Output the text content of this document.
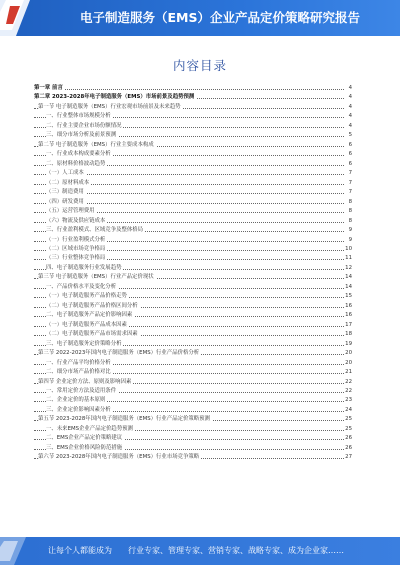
电子制造服务（EMS）企业产品定价策略研究报告
内容目录
第一章 前言	4
第二章 2023-2028年电子制造服务（EMS）市场前景及趋势预测	4
第一节 电子制造服务（EMS）行业宏观市场前景及未来趋势	4
一、行业整体市场规模分析	4
二、行业主要企业市场份额情况	4
三、细分市场分析及前景预测	5
第二节 电子制造服务（EMS）行业主要成本构成	6
一、行业成本构成要素分析	6
二、原材料价格波动趋势	6
（一）人工成本	7
（二）原材料成本	7
（三）制造费用	7
（四）研发费用	8
（五）运营管理费用	8
（六）物流及供应链成本	8
三、行业盈利模式、区域竞争及整体格局	9
（一）行业盈利模式分析	9
（二）区域市场竞争格局	10
（三）行业整体竞争格局	11
四、电子制造服务行业发展趋势	12
第三节 电子制造服务（EMS）行业产品定价现状	14
一、产品价格水平及变化分析	14
（一）电子制造服务产品价格走势	15
（二）电子制造服务产品价格区间分析	16
二、电子制造服务产品定价影响因素	16
（一）电子制造服务产品成本因素	17
（二）电子制造服务产品市场需求因素	18
三、电子制造服务定价策略分析	19
第三节 2022-2023年国内电子制造服务（EMS）行业产品价格分析	20
一、行业产品平均价格分析	20
二、细分市场产品价格对比	21
第四节 企业定价方法、原则及影响因素	22
一、常用定价方法及适用条件	22
二、企业定价的基本原则	23
三、企业定价影响因素分析	24
第五节 2023-2028年国内电子制造服务（EMS）行业产品定价策略预测	25
一、未来EMS企业产品定价趋势预测	25
二、EMS企业产品定价策略建议	26
三、EMS企业价格风险防范措施	26
第六节 2023-2028年国内电子制造服务（EMS）行业市场竞争策略	27
让每个人都能成为 行业专家、管理专家、营销专家、战略专家、成为企业家……
